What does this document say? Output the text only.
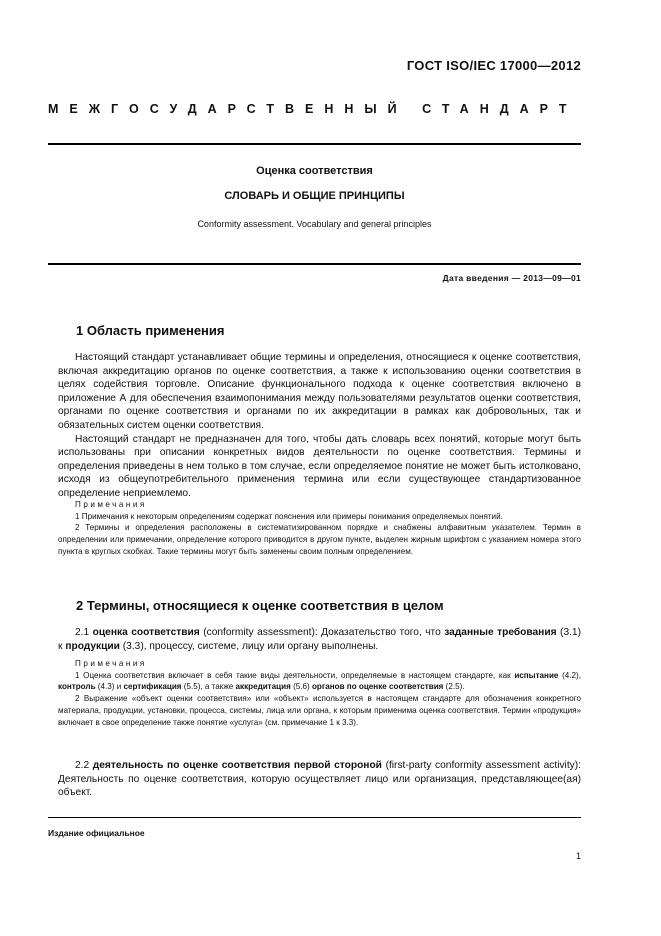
ГОСТ ISO/IEC 17000—2012
МЕЖГОСУДАРСТВЕННЫЙ СТАНДАРТ
Оценка соответствия
СЛОВАРЬ И ОБЩИЕ ПРИНЦИПЫ
Conformity assessment. Vocabulary and general principles
Дата введения — 2013—09—01
1 Область применения

Настоящий стандарт устанавливает общие термины и определения, относящиеся к оценке соответствия, включая аккредитацию органов по оценке соответствия, а также к использованию оценки соответствия в целях содействия торговле. Описание функционального подхода к оценке соответствия включено в приложение А для обеспечения взаимопонимания между пользователями результатов оценки соответствия, органами по оценке соответствия и органами по их аккредитации в рамках как добровольных, так и обязательных систем оценки соответствия.

Настоящий стандарт не предназначен для того, чтобы дать словарь всех понятий, которые могут быть использованы при описании конкретных видов деятельности по оценке соответствия. Термины и определения приведены в нем только в том случае, если определяемое понятие не может быть истолковано, исходя из общеупотребительного применения термина или если существующее стандартизованное определение неприемлемо.

Примечания

1 Примечания к некоторым определениям содержат пояснения или примеры понимания определяемых понятий.

2 Термины и определения расположены в систематизированном порядке и снабжены алфавитным указателем. Термин в определении или примечании, определение которого приводится в другом пункте, выделен жирным шрифтом с указанием номера этого пункта в круглых скобках. Такие термины могут быть заменены своим полным определением.

2 Термины, относящиеся к оценке соответствия в целом

2.1 оценка соответствия (conformity assessment): Доказательство того, что заданные требования (3.1) к продукции (3.3), процессу, системе, лицу или органу выполнены.

Примечания

1 Оценка соответствия включает в себя такие виды деятельности, определяемые в настоящем стандарте, как испытание (4.2), контроль (4.3) и сертификация (5.5), а также аккредитация (5.6) органов по оценке соответствия (2.5).

2 Выражение «объект оценки соответствия» или «объект» используется в настоящем стандарте для обозначения конкретного материала, продукции, установки, процесса, системы, лица или органа, к которым применима оценка соответствия. Термин «продукция» включает в свое определение также понятие «услуга» (см. примечание 1 к 3.3).

2.2 деятельность по оценке соответствия первой стороной (first-party conformity assessment activity): Деятельность по оценке соответствия, которую осуществляет лицо или организация, представляющее(ая) объект.

Издание официальное
1
